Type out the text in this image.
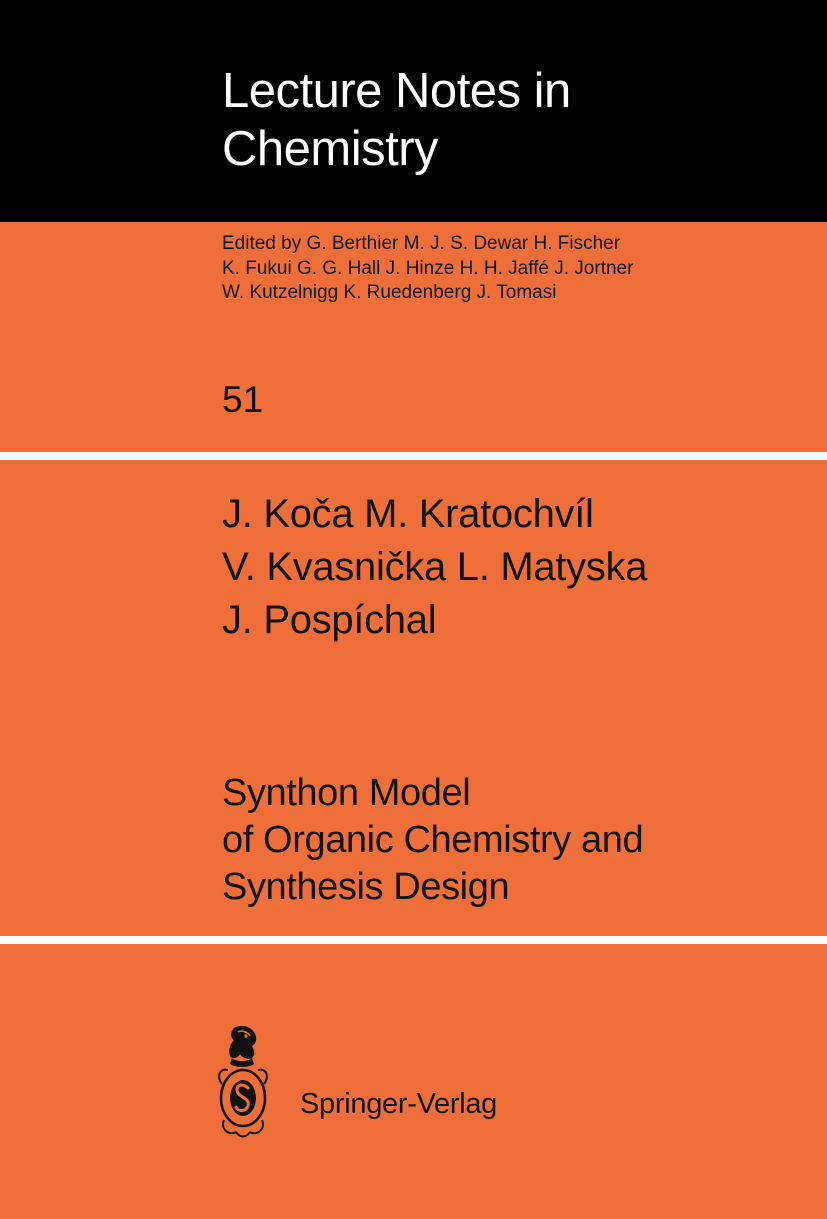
Lecture Notes in
Chemistry
Edited by G. Berthier M. J. S. Dewar H. Fischer
K. Fukui G. G. Hall J. Hinze H. H. Jaffé J. Jortner
W. Kutzelnigg K. Ruedenberg J. Tomasi
51
J. Koča M. Kratochvíl
V. Kvasnička L. Matyska
J. Pospíchal
Synthon Model
of Organic Chemistry and
Synthesis Design
Springer-Verlag
